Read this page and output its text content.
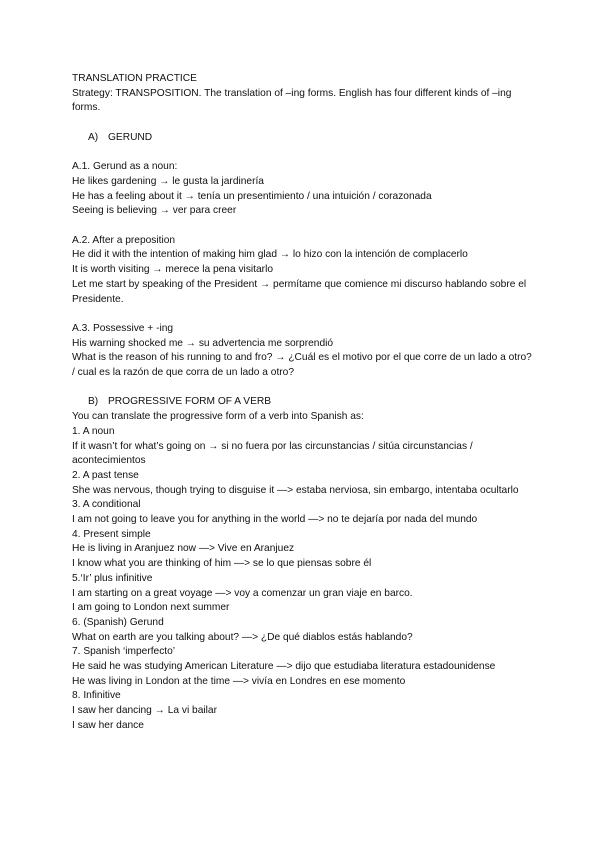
TRANSLATION PRACTICE

Strategy: TRANSPOSITION. The translation of –ing forms. English has four different kinds of –ing forms.

A) GERUND

A.1. Gerund as a noun:

He likes gardening → le gusta la jardinería

He has a feeling about it → tenía un presentimiento / una intuición / corazonada

Seeing is believing → ver para creer

A.2. After a preposition

He did it with the intention of making him glad → lo hizo con la intención de complacerlo

It is worth visiting → merece la pena visitarlo

Let me start by speaking of the President → permítame que comience mi discurso hablando sobre el Presidente.

A.3. Possessive + -ing

His warning shocked me → su advertencia me sorprendió

What is the reason of his running to and fro? → ¿Cuál es el motivo por el que corre de un lado a otro? / cual es la razón de que corra de un lado a otro?

B) PROGRESSIVE FORM OF A VERB

You can translate the progressive form of a verb into Spanish as:

1. A noun

If it wasn’t for what’s going on → si no fuera por las circunstancias / sitúa circunstancias / acontecimientos

2. A past tense

She was nervous, though trying to disguise it —> estaba nerviosa, sin embargo, intentaba ocultarlo

3. A conditional

I am not going to leave you for anything in the world —> no te dejaría por nada del mundo

4. Present simple

He is living in Aranjuez now —> Vive en Aranjuez

I know what you are thinking of him —> se lo que piensas sobre él

5.‘Ir’ plus infinitive

I am starting on a great voyage —> voy a comenzar un gran viaje en barco.

I am going to London next summer

6. (Spanish) Gerund

What on earth are you talking about? —> ¿De qué diablos estás hablando?

7. Spanish ‘imperfecto’

He said he was studying American Literature —> dijo que estudiaba literatura estadounidense

He was living in London at the time —> vivía en Londres en ese momento

8. Infinitive

I saw her dancing → La vi bailar

I saw her dance
